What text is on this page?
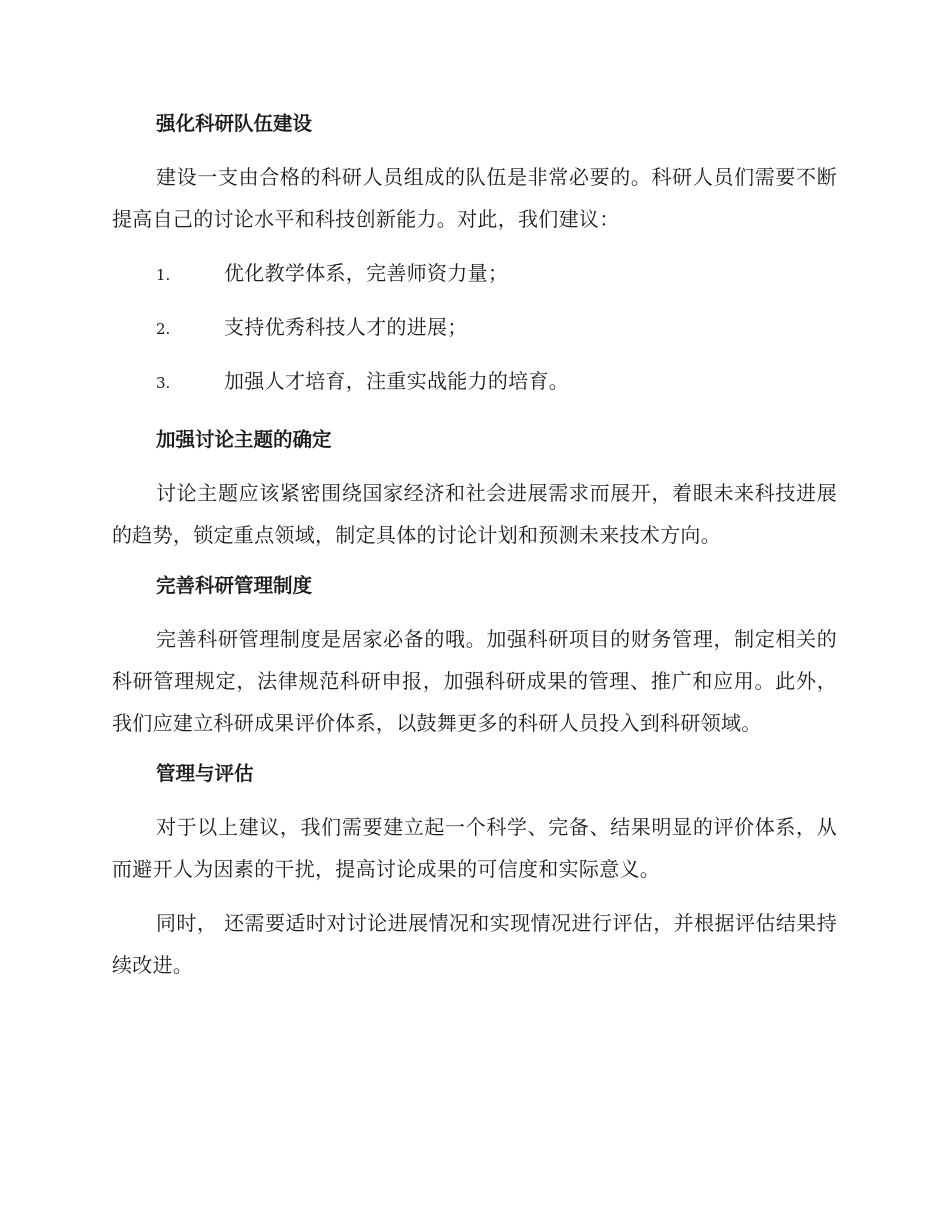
强化科研队伍建设

建设一支由合格的科研人员组成的队伍是非常必要的。科研人员们需要不断提高自己的讨论水平和科技创新能力。对此，我们建议：

1.	优化教学体系，完善师资力量；
2.	支持优秀科技人才的进展；
3.	加强人才培育，注重实战能力的培育。
加强讨论主题的确定

讨论主题应该紧密围绕国家经济和社会进展需求而展开，着眼未来科技进展的趋势，锁定重点领域，制定具体的讨论计划和预测未来技术方向。

完善科研管理制度

完善科研管理制度是居家必备的哦。加强科研项目的财务管理，制定相关的科研管理规定，法律规范科研申报，加强科研成果的管理、推广和应用。此外，我们应建立科研成果评价体系，以鼓舞更多的科研人员投入到科研领域。

管理与评估

对于以上建议，我们需要建立起一个科学、完备、结果明显的评价体系，从而避开人为因素的干扰，提高讨论成果的可信度和实际意义。

同时， 还需要适时对讨论进展情况和实现情况进行评估，并根据评估结果持续改进。
